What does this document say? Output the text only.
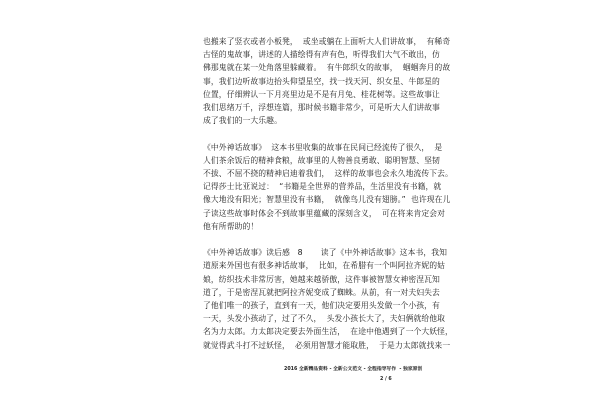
也搬来了竖衣或者小板凳，  或坐或躺在上面听大人们讲故事，  有稀奇
古怪的鬼故事，讲述的人描绘得有声有色，听得我们大气不敢出，仿
佛那鬼就在某一处角落里躲藏着。  有牛郎织女的故事，  蝈蝈奔月的故
事，我们边听故事边抬头仰望星空，找一找天河、织女星、牛郎星的
位置，仔细辨认一下月亮里边是不是有月兔、桂花树等。这些故事让
我们思绪万千，浮想连篇，那时候书籍非常少，可是听大人们讲故事
成了我们的一大乐趣。
《中外神话故事》  这本书里收集的故事在民间已经流传了很久，  是
人们茶余饭后的精神食粮，故事里的人物善良勇敢、聪明智慧、坚韧
不拔、不屈不挠的精神启迪着我们，  这样的故事也会永久地流传下去。
记得莎士比亚说过：  “书籍是全世界的营养品，生活里没有书籍，就
像大地没有阳光；智慧里没有书籍，  就像鸟儿没有翅膀。”  也许现在儿
子读这些故事时体会不到故事里蕴藏的深刻含义，  可在将来肯定会对
他有所帮助的！
《中外神话故事》读后感   8       读了《中外神话故事》这本书，我知
道原来外国也有很多神话故事，  比如，在希腊有一个叫阿拉齐妮的姑
娘，纺织技术非常厉害，她越来越骄傲，这件事被智慧女神密涅瓦知
道了，于是密涅瓦就把阿拉齐妮变成了蜘蛛。从前，有一对夫妇失去
了他们唯一的孩子，直到有一天，他们决定要用头发做一个小孩，有
一天，头发小孩动了，过了不久，  头发小孩长大了，夫妇俩就给他取
名为力太郎。力太郎决定要去外面生活，  在途中他遇到了一个大妖怪，
就觉得武斗打不过妖怪，  必须用智慧才能取胜，  于是力太郎就找来一
2016 全新精品资料 - 全新公文范文 - 全程指导写作  - 独家原创
2 / 6
